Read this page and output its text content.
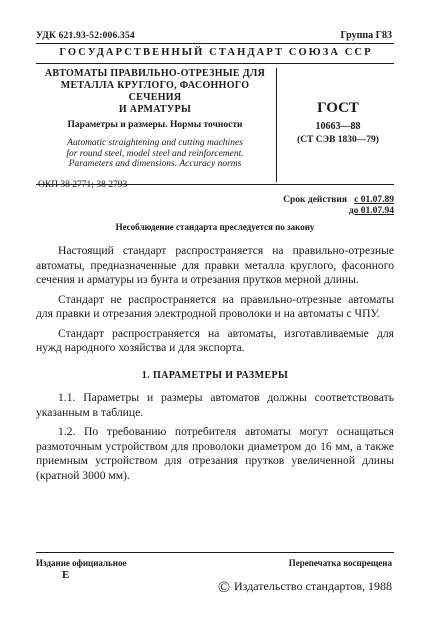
УДК 621.93-52:006.354	Группа Г83
ГОСУДАРСТВЕННЫЙ СТАНДАРТ СОЮЗА ССР
АВТОМАТЫ ПРАВИЛЬНО-ОТРЕЗНЫЕ ДЛЯ
МЕТАЛЛА КРУГЛОГО, ФАСОННОГО СЕЧЕНИЯ
И АРМАТУРЫ
Параметры и размеры. Нормы точности
Automatic straightening and cutting machines
for round steel, model steel and reinforcement.
Parameters and dimensions. Accuracy norms
ОКП 38 2771; 38 2793
ГОСТ
10663—88
(СТ СЭВ 1830—79)
Срок действия с 01.07.89
до 01.07.94
Несоблюдение стандарта преследуется по закону

Настоящий стандарт распространяется на правильно-отрезные автоматы, предназначенные для правки металла круглого, фасонного сечения и арматуры из бунта и отрезания прутков мерной длины.

Стандарт не распространяется на правильно-отрезные автоматы для правки и отрезания электродной проволоки и на автоматы с ЧПУ.

Стандарт распространяется на автоматы, изготавливаемые для нужд народного хозяйства и для экспорта.

1. ПАРАМЕТРЫ И РАЗМЕРЫ

1.1. Параметры и размеры автоматов должны соответствовать указанным в таблице.

1.2. По требованию потребителя автоматы могут оснащаться размоточным устройством для проволоки диаметром до 16 мм, а также приемным устройством для отрезания прутков увеличенной длины (кратной 3000 мм).

Издание официальное	Перепечатка воспрещена
Е
© Издательство стандартов, 1988
